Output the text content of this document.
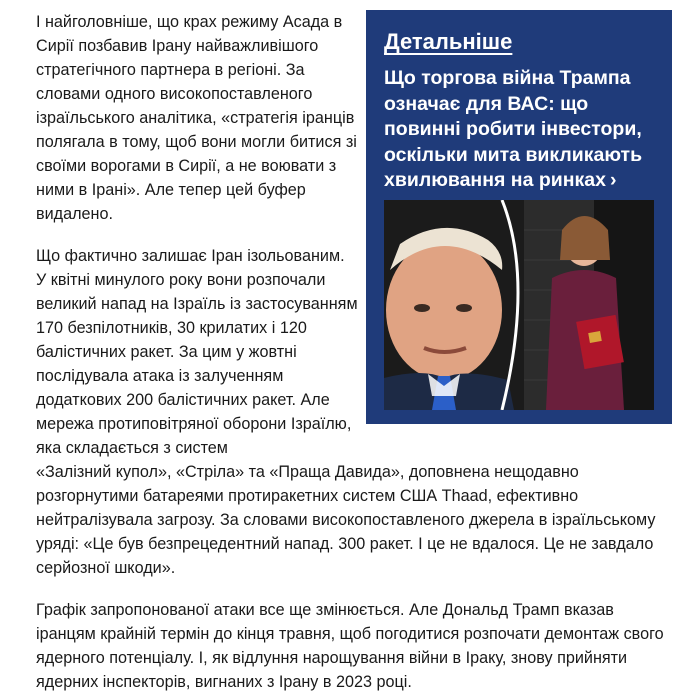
І найголовніше, що крах режиму Асада в Сирії позбавив Ірану найважливішого стратегічного партнера в регіоні. За словами одного високопоставленого ізраїльського аналітика, «стратегія іранців полягала в тому, щоб вони могли битися зі своїми ворогами в Сирії, а не воювати з ними в Ірані». Але тепер цей буфер видалено.

Що фактично залишає Іран ізольованим. У квітні минулого року вони розпочали великий напад на Ізраїль із застосуванням 170 безпілотників, 30 крилатих і 120 балістичних ракет. За цим у жовтні послідувала атака із залученням додаткових 200 балістичних ракет. Але мережа протиповітряної оборони Ізраїлю, яка складається з систем

«Залізний купол», «Стріла» та «Праща Давида», доповнена нещодавно розгорнутими батареями протиракетних систем США Thaad, ефективно нейтралізувала загрозу. За словами високопоставленого джерела в ізраїльському уряді: «Це був безпрецедентний напад. 300 ракет. І це не вдалося. Це не завдало серйозної шкоди».

Графік запропонованої атаки все ще змінюється. Але Дональд Трамп вказав іранцям крайній термін до кінця травня, щоб погодитися розпочати демонтаж свого ядерного потенціалу. І, як відлуння нарощування війни в Іраку, знову прийняти ядерних інспекторів, вигнаних з Ірану в 2023 році.

Детальніше
Що торгова війна Трампа означає для ВАС: що повинні робити інвестори, оскільки мита викликають хвилювання на ринках ›
